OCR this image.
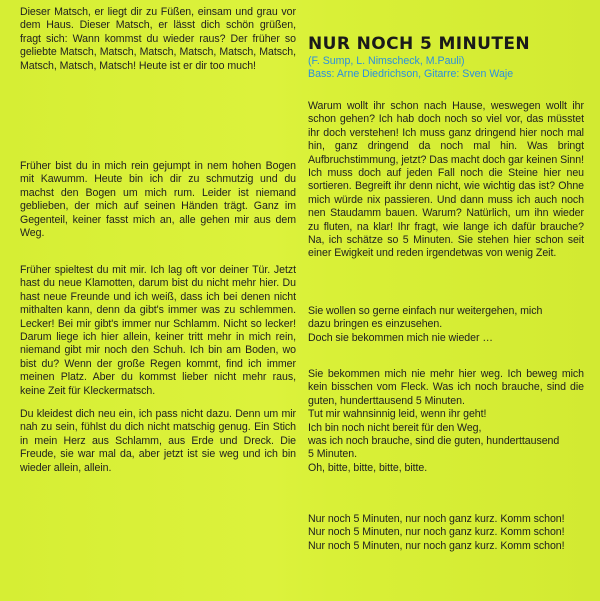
Dieser Matsch, er liegt dir zu Füßen, einsam und grau vor dem Haus. Dieser Matsch, er lässt dich schön grüßen, fragt sich: Wann kommst du wieder raus? Der früher so geliebte Matsch, Matsch, Matsch, Matsch, Matsch, Matsch, Matsch, Matsch, Matsch! Heute ist er dir too much!

Früher bist du in mich rein gejumpt in nem hohen Bogen mit Kawumm. Heute bin ich dir zu schmutzig und du machst den Bogen um mich rum. Leider ist niemand geblieben, der mich auf seinen Händen trägt. Ganz im Gegenteil, keiner fasst mich an, alle gehen mir aus dem Weg.

Früher spieltest du mit mir. Ich lag oft vor deiner Tür. Jetzt hast du neue Klamotten, darum bist du nicht mehr hier. Du hast neue Freunde und ich weiß, dass ich bei denen nicht mithalten kann, denn da gibt's immer was zu schlemmen. Lecker! Bei mir gibt's immer nur Schlamm. Nicht so lecker! Darum liege ich hier allein, keiner tritt mehr in mich rein, niemand gibt mir noch den Schuh. Ich bin am Boden, wo bist du? Wenn der große Regen kommt, find ich immer meinen Platz. Aber du kommst lieber nicht mehr raus, keine Zeit für Kleckermatsch.

Du kleidest dich neu ein, ich pass nicht dazu. Denn um mir nah zu sein, fühlst du dich nicht matschig genug. Ein Stich in mein Herz aus Schlamm, aus Erde und Dreck. Die Freude, sie war mal da, aber jetzt ist sie weg und ich bin wieder allein, allein.

NUR NOCH 5 MINUTEN

(F. Sump, L. Nimscheck, M.Pauli)

Bass: Arne Diedrichson, Gitarre: Sven Waje

Warum wollt ihr schon nach Hause, weswegen wollt ihr schon gehen? Ich hab doch noch so viel vor, das müsstet ihr doch verstehen! Ich muss ganz dringend hier noch mal hin, ganz dringend da noch mal hin. Was bringt Aufbruchstimmung, jetzt? Das macht doch gar keinen Sinn! Ich muss doch auf jeden Fall noch die Steine hier neu sortieren. Begreift ihr denn nicht, wie wichtig das ist? Ohne mich würde nix passieren. Und dann muss ich auch noch nen Staudamm bauen. Warum? Natürlich, um ihn wieder zu fluten, na klar! Ihr fragt, wie lange ich dafür brauche? Na, ich schätze so 5 Minuten. Sie stehen hier schon seit einer Ewigkeit und reden irgendetwas von wenig Zeit.

Sie wollen so gerne einfach nur weitergehen, mich
dazu bringen es einzusehen.
Doch sie bekommen mich nie wieder …
Sie bekommen mich nie mehr hier weg. Ich beweg mich kein bisschen vom Fleck. Was ich noch brauche, sind die guten, hunderttausend 5 Minuten.
Tut mir wahnsinnig leid, wenn ihr geht!
Ich bin noch nicht bereit für den Weg,
was ich noch brauche, sind die guten, hunderttausend
5 Minuten.
Oh, bitte, bitte, bitte, bitte.
Nur noch 5 Minuten, nur noch ganz kurz. Komm schon!
Nur noch 5 Minuten, nur noch ganz kurz. Komm schon!
Nur noch 5 Minuten, nur noch ganz kurz. Komm schon!
